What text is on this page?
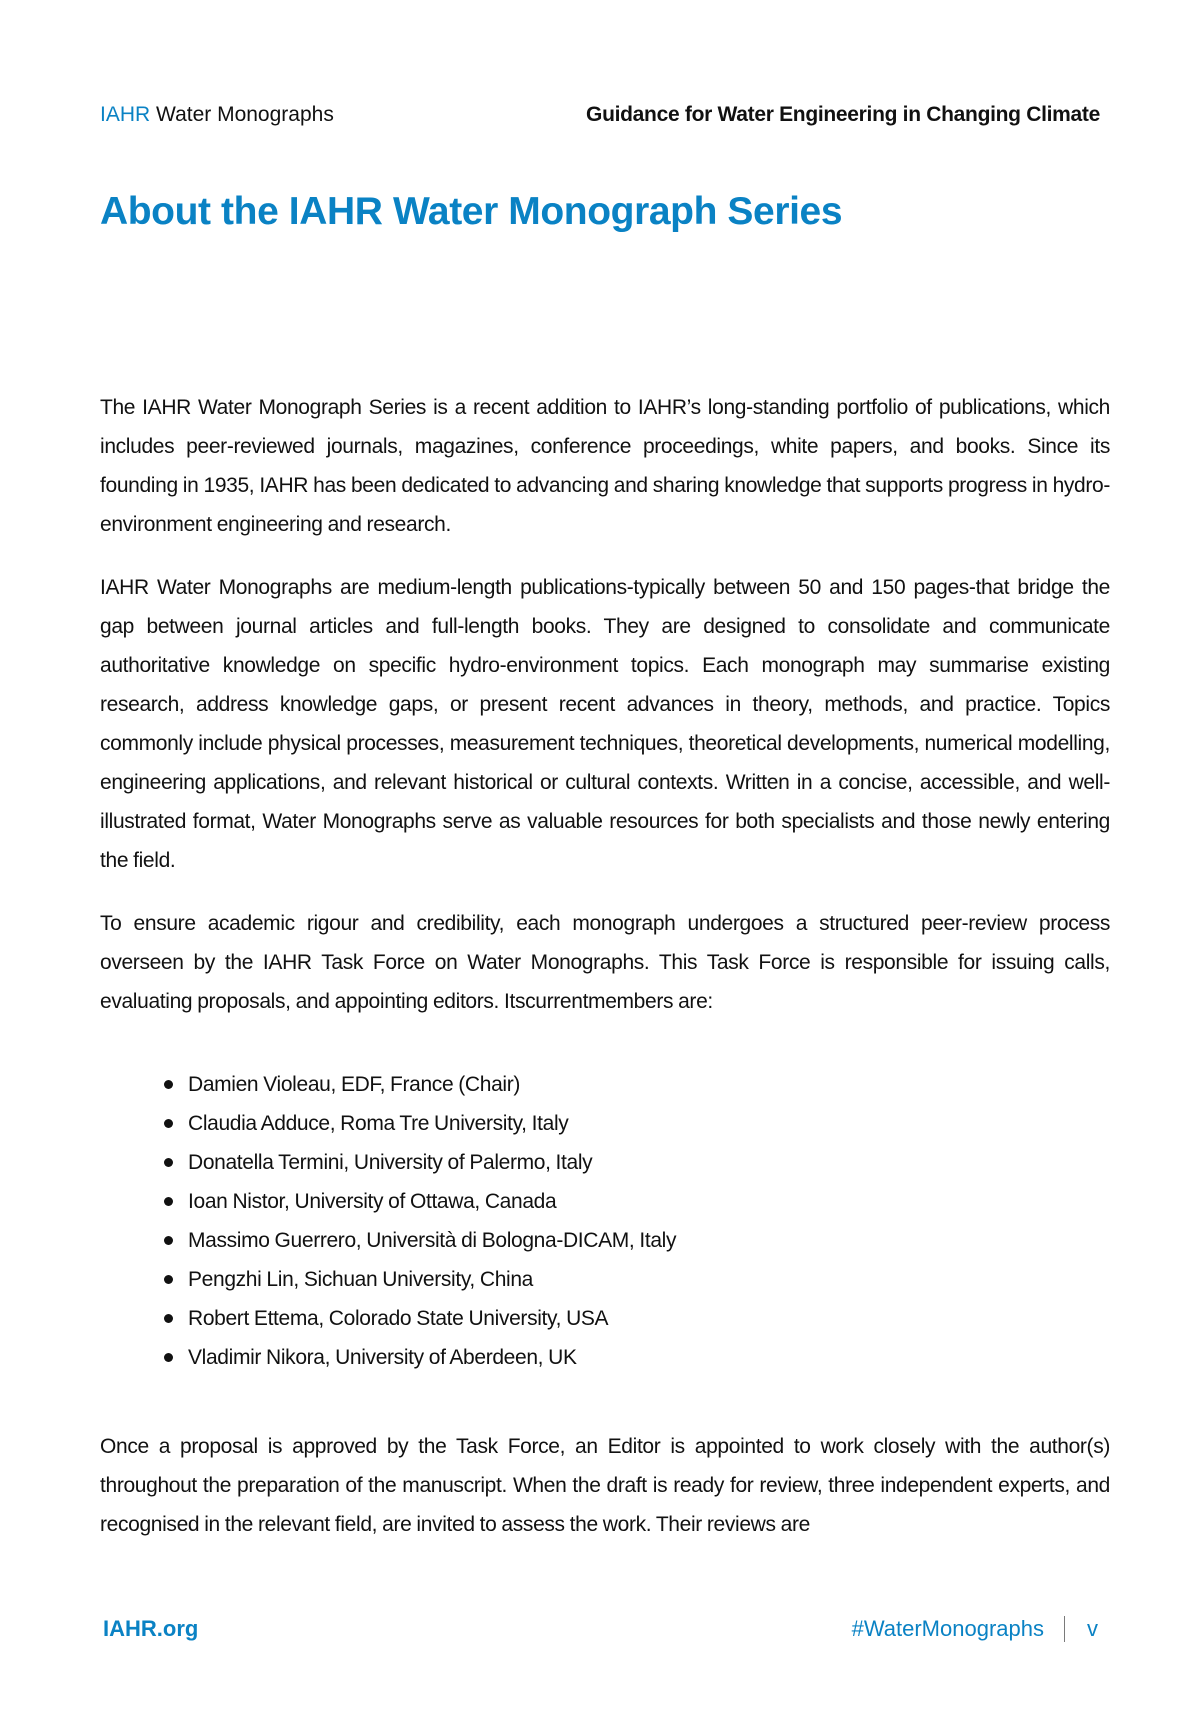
IAHR Water Monographs	Guidance for Water Engineering in Changing Climate
About the IAHR Water Monograph Series

The IAHR Water Monograph Series is a recent addition to IAHR’s long-standing portfolio of publications, which includes peer-reviewed journals, magazines, conference proceedings, white papers, and books. Since its founding in 1935, IAHR has been dedicated to advancing and sharing knowledge that supports progress in hydro-environment engineering and research.

IAHR Water Monographs are medium-length publications-typically between 50 and 150 pages-that bridge the gap between journal articles and full-length books. They are designed to consolidate and communicate authoritative knowledge on specific hydro-environment topics. Each monograph may summarise existing research, address knowledge gaps, or present recent advances in theory, methods, and practice. Topics commonly include physical processes, measurement techniques, theoretical developments, numerical modelling, engineering applications, and relevant historical or cultural contexts. Written in a concise, accessible, and well-illustrated format, Water Monographs serve as valuable resources for both specialists and those newly entering the field.

To ensure academic rigour and credibility, each monograph undergoes a structured peer-review process overseen by the IAHR Task Force on Water Monographs. This Task Force is responsible for issuing calls, evaluating proposals, and appointing editors. Itscurrentmembers are:

Damien Violeau, EDF, France (Chair)
Claudia Adduce, Roma Tre University, Italy
Donatella Termini, University of Palermo, Italy
Ioan Nistor, University of Ottawa, Canada
Massimo Guerrero, Università di Bologna-DICAM, Italy
Pengzhi Lin, Sichuan University, China
Robert Ettema, Colorado State University, USA
Vladimir Nikora, University of Aberdeen, UK

Once a proposal is approved by the Task Force, an Editor is appointed to work closely with the author(s) throughout the preparation of the manuscript. When the draft is ready for review, three independent experts, and recognised in the relevant field, are invited to assess the work. Their reviews are

IAHR.org	#WaterMonographs v
